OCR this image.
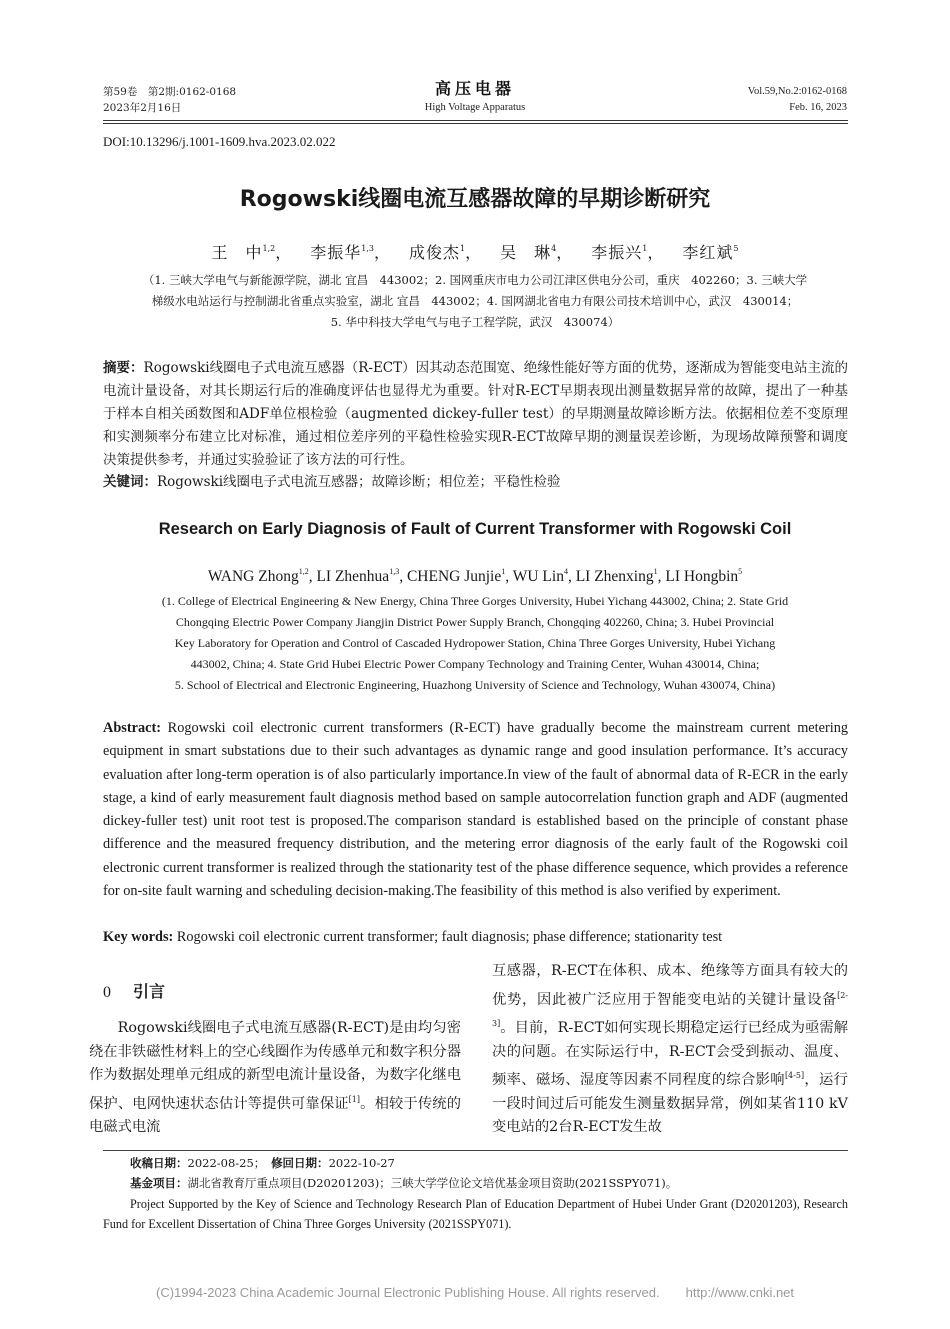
第59卷　第2期:0162-0168
2023年2月16日
高压电器
High Voltage Apparatus
Vol.59,No.2:0162-0168
Feb. 16, 2023
DOI:10.13296/j.1001-1609.hva.2023.02.022
Rogowski线圈电流互感器故障的早期诊断研究
王　中$^{1,2}$， 李振华$^{1,3}$， 成俊杰$^1$， 吴　琳$^4$， 李振兴$^1$， 李红斌$^5$
（1. 三峡大学电气与新能源学院，湖北 宜昌　443002；2. 国网重庆市电力公司江津区供电分公司，重庆　402260；3. 三峡大学
梯级水电站运行与控制湖北省重点实验室，湖北 宜昌　443002；4. 国网湖北省电力有限公司技术培训中心，武汉　430014；
5. 华中科技大学电气与电子工程学院，武汉　430074）
摘要：Rogowski线圈电子式电流互感器（R-ECT）因其动态范围宽、绝缘性能好等方面的优势，逐渐成为智能变电站主流的电流计量设备，对其长期运行后的准确度评估也显得尤为重要。针对R-ECT早期表现出测量数据异常的故障，提出了一种基于样本自相关函数图和ADF单位根检验（augmented dickey-fuller test）的早期测量故障诊断方法。依据相位差不变原理和实测频率分布建立比对标准，通过相位差序列的平稳性检验实现R-ECT故障早期的测量误差诊断，为现场故障预警和调度决策提供参考，并通过实验验证了该方法的可行性。
关键词：Rogowski线圈电子式电流互感器；故障诊断；相位差；平稳性检验
Research on Early Diagnosis of Fault of Current Transformer with Rogowski Coil
WANG Zhong$^{1,2}$, LI Zhenhua$^{1,3}$, CHENG Junjie$^1$, WU Lin$^4$, LI Zhenxing$^1$, LI Hongbin$^5$
(1. College of Electrical Engineering & New Energy, China Three Gorges University, Hubei Yichang 443002, China; 2. State Grid
Chongqing Electric Power Company Jiangjin District Power Supply Branch, Chongqing 402260, China; 3. Hubei Provincial
Key Laboratory for Operation and Control of Cascaded Hydropower Station, China Three Gorges University, Hubei Yichang
443002, China; 4. State Grid Hubei Electric Power Company Technology and Training Center, Wuhan 430014, China;
5. School of Electrical and Electronic Engineering, Huazhong University of Science and Technology, Wuhan 430074, China)
Abstract: Rogowski coil electronic current transformers (R-ECT) have gradually become the mainstream current metering equipment in smart substations due to their such advantages as dynamic range and good insulation performance. It’s accuracy evaluation after long-term operation is of also particularly importance.In view of the fault of abnormal data of R-ECR in the early stage, a kind of early measurement fault diagnosis method based on sample autocorrelation function graph and ADF (augmented dickey-fuller test) unit root test is proposed.The comparison standard is established based on the principle of constant phase difference and the measured frequency distribution, and the metering error diagnosis of the early fault of the Rogowski coil electronic current transformer is realized through the stationarity test of the phase difference sequence, which provides a reference for on-site fault warning and scheduling decision-making.The feasibility of this method is also verified by experiment.
Key words: Rogowski coil electronic current transformer; fault diagnosis; phase difference; stationarity test
0 引言

Rogowski线圈电子式电流互感器(R-ECT)是由均匀密绕在非铁磁性材料上的空心线圈作为传感单元和数字积分器作为数据处理单元组成的新型电流计量设备，为数字化继电保护、电网快速状态估计等提供可靠保证[1]。相较于传统的电磁式电流

互感器，R-ECT在体积、成本、绝缘等方面具有较大的优势，因此被广泛应用于智能变电站的关键计量设备[2-3]。目前，R-ECT如何实现长期稳定运行已经成为亟需解决的问题。在实际运行中，R-ECT会受到振动、温度、频率、磁场、湿度等因素不同程度的综合影响[4-5]，运行一段时间过后可能发生测量数据异常，例如某省110 kV变电站的2台R-ECT发生故

收稿日期：2022-08-25；　 修回日期：2022-10-27
基金项目：湖北省教育厅重点项目(D20201203)；三峡大学学位论文培优基金项目资助(2021SSPY071)。
Project Supported by the Key of Science and Technology Research Plan of Education Department of Hubei Under Grant (D20201203), Research Fund for Excellent Dissertation of China Three Gorges University (2021SSPY071).
(C)1994-2023 China Academic Journal Electronic Publishing House. All rights reserved.　　http://www.cnki.net
